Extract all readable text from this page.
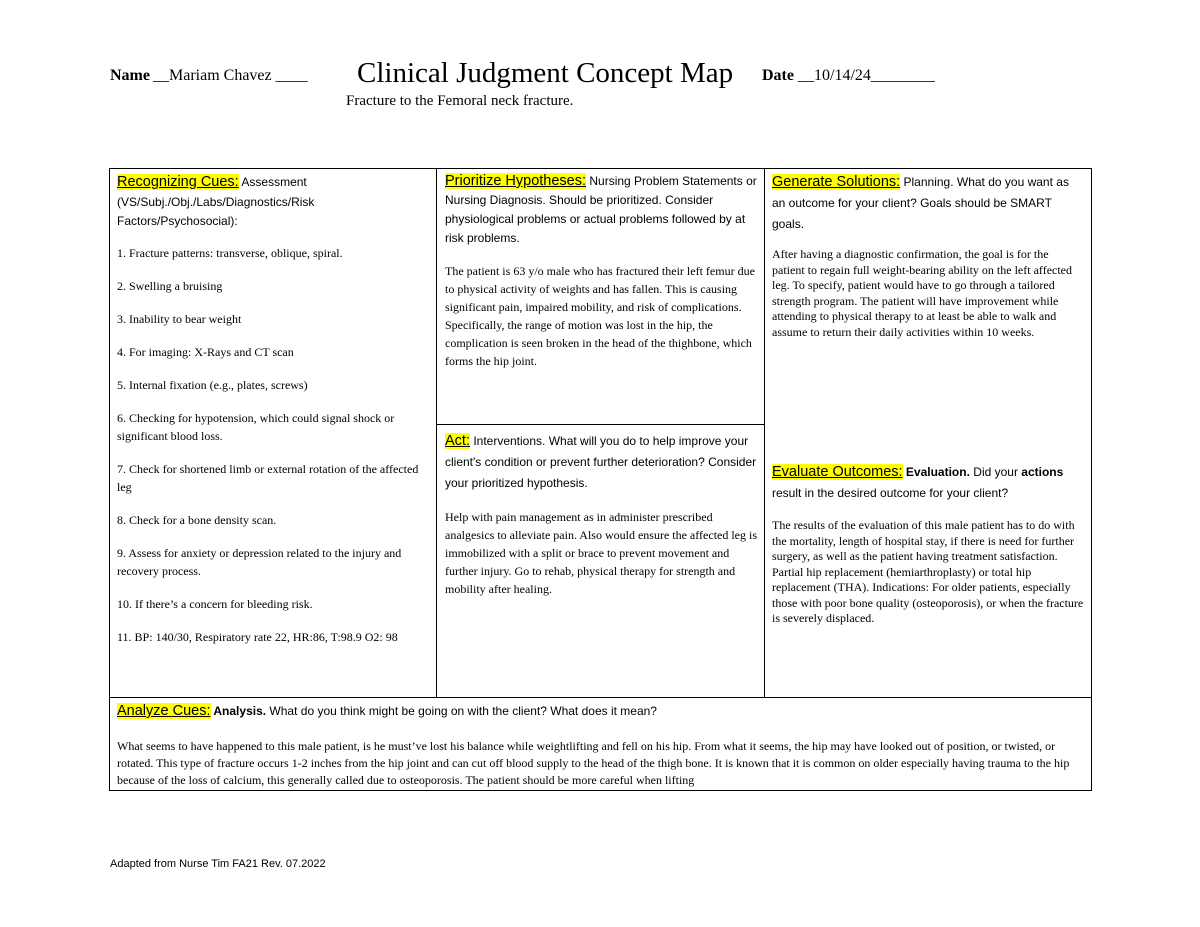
Name __Mariam Chavez ____ Clinical Judgment Concept Map Date __10/14/24________
Fracture to the Femoral neck fracture.
Recognizing Cues: Assessment
(VS/Subj./Obj./Labs/Diagnostics/Risk Factors/Psychosocial):
1. Fracture patterns: transverse, oblique, spiral.
2. Swelling a bruising
3. Inability to bear weight
4. For imaging: X-Rays and CT scan
5. Internal fixation (e.g., plates, screws)
6. Checking for hypotension, which could signal shock or significant blood loss.
7. Check for shortened limb or external rotation of the affected leg
8. Check for a bone density scan.
9. Assess for anxiety or depression related to the injury and recovery process.
10. If there’s a concern for bleeding risk.
11. BP: 140/30, Respiratory rate 22, HR:86, T:98.9 O2: 98
Prioritize Hypotheses: Nursing Problem Statements or Nursing Diagnosis. Should be prioritized. Consider physiological problems or actual problems followed by at risk problems.
The patient is 63 y/o male who has fractured their left femur due to physical activity of weights and has fallen. This is causing significant pain, impaired mobility, and risk of complications. Specifically, the range of motion was lost in the hip, the complication is seen broken in the head of the thighbone, which forms the hip joint.
Generate Solutions: Planning. What do you want as an outcome for your client? Goals should be SMART goals.
After having a diagnostic confirmation, the goal is for the patient to regain full weight-bearing ability on the left affected leg. To specify, patient would have to go through a tailored strength program. The patient will have improvement while attending to physical therapy to at least be able to walk and assume to return their daily activities within 10 weeks.
Act: Interventions. What will you do to help improve your client's condition or prevent further deterioration? Consider your prioritized hypothesis.
Help with pain management as in administer prescribed analgesics to alleviate pain. Also would ensure the affected leg is immobilized with a split or brace to prevent movement and further injury. Go to rehab, physical therapy for strength and mobility after healing.
Evaluate Outcomes: Evaluation. Did your actions result in the desired outcome for your client?
The results of the evaluation of this male patient has to do with the mortality, length of hospital stay, if there is need for further surgery, as well as the patient having treatment satisfaction. Partial hip replacement (hemiarthroplasty) or total hip replacement (THA). Indications: For older patients, especially those with poor bone quality (osteoporosis), or when the fracture is severely displaced.
Analyze Cues: Analysis. What do you think might be going on with the client? What does it mean?
What seems to have happened to this male patient, is he must’ve lost his balance while weightlifting and fell on his hip. From what it seems, the hip may have looked out of position, or twisted, or rotated. This type of fracture occurs 1-2 inches from the hip joint and can cut off blood supply to the head of the thigh bone. It is known that it is common on older especially having trauma to the hip because of the loss of calcium, this generally called due to osteoporosis. The patient should be more careful when lifting
Adapted from Nurse Tim FA21 Rev. 07.2022
